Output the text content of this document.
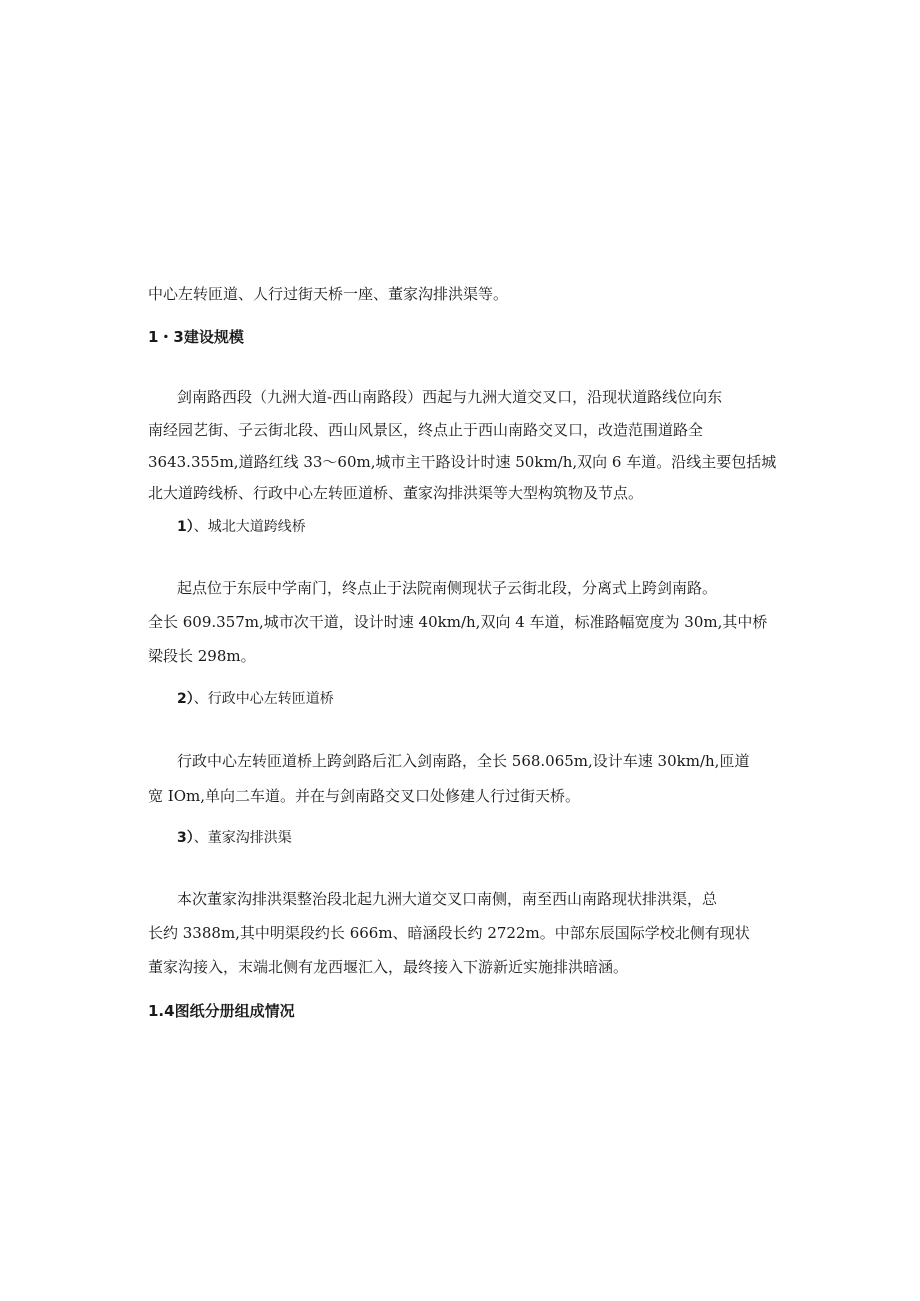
中心左转匝道、人行过街天桥一座、董家沟排洪渠等。
1・3建设规模
剑南路西段（九洲大道-西山南路段）西起与九洲大道交叉口，沿现状道路线位向东
南经园艺街、子云街北段、西山风景区，终点止于西山南路交叉口，改造范围道路全
3643.355m,道路红线 33～60m,城市主干路设计时速 50km∕h,双向 6 车道。沿线主要包括城
北大道跨线桥、行政中心左转匝道桥、董家沟排洪渠等大型构筑物及节点。
1）、城北大道跨线桥
起点位于东辰中学南门，终点止于法院南侧现状子云街北段，分离式上跨剑南路。
全长 609.357m,城市次干道，设计时速 40km∕h,双向 4 车道，标准路幅宽度为 30m,其中桥
梁段长 298m。
2）、行政中心左转匝道桥
行政中心左转匝道桥上跨剑路后汇入剑南路，全长 568.065m,设计车速 30km∕h,匝道
宽 IOm,单向二车道。并在与剑南路交叉口处修建人行过街天桥。
3）、董家沟排洪渠
本次董家沟排洪渠整治段北起九洲大道交叉口南侧，南至西山南路现状排洪渠，总
长约 3388m,其中明渠段约长 666m、暗涵段长约 2722m。中部东辰国际学校北侧有现状
董家沟接入，末端北侧有龙西堰汇入，最终接入下游新近实施排洪暗涵。
1.4图纸分册组成情况
